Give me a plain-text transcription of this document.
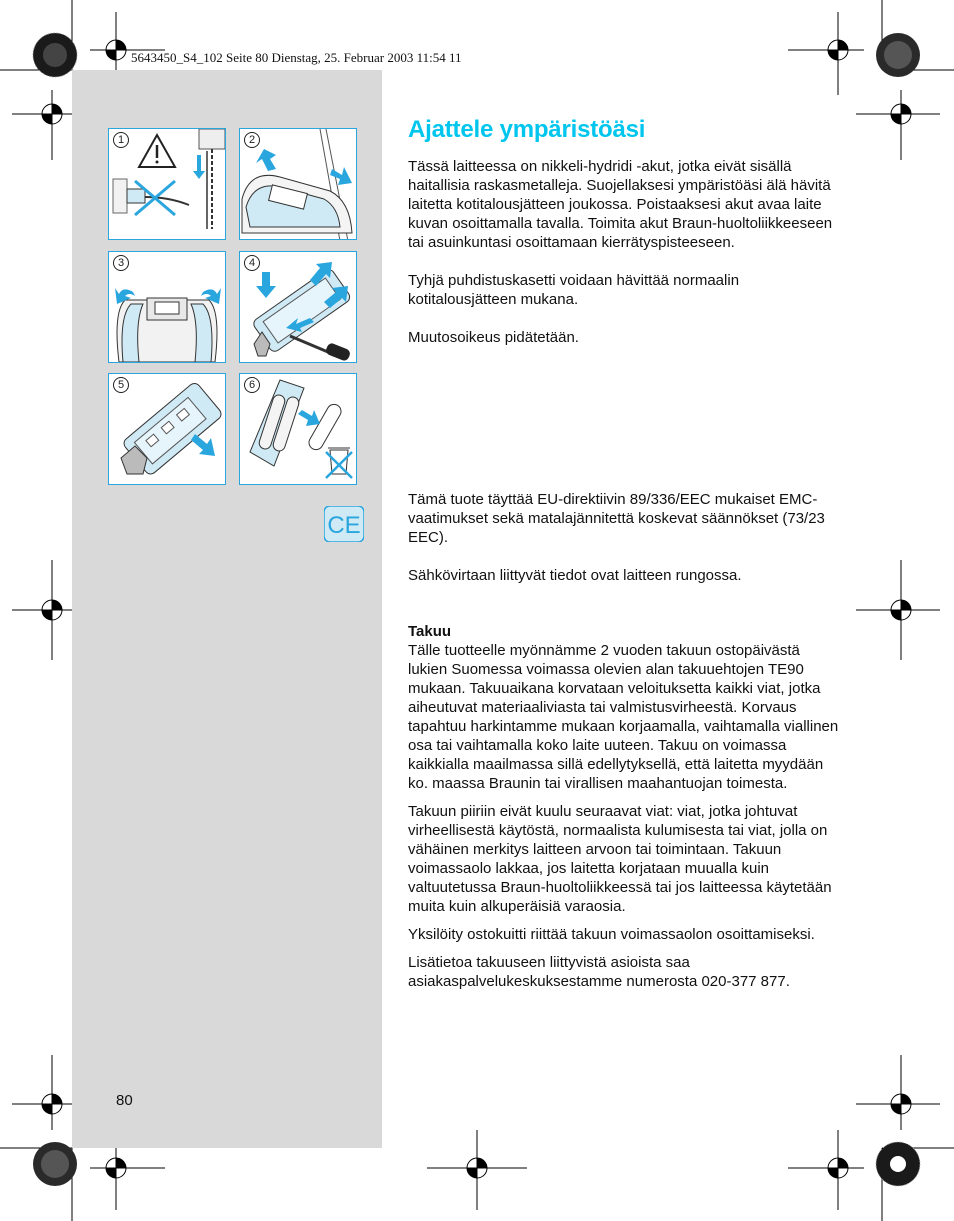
5643450_S4_102 Seite 80 Dienstag, 25. Februar 2003 11:54 11
1	2
3	4
5	6
CE
Ajattele ympäristöäsi

Tässä laitteessa on nikkeli-hydridi -akut, jotka eivät sisällä haitallisia raskasmetalleja. Suojellaksesi ympäristöäsi älä hävitä laitetta kotitalousjätteen joukossa. Poistaaksesi akut avaa laite kuvan osoittamalla tavalla. Toimita akut Braun-huoltoliikkeeseen tai asuinkuntasi osoittamaan kierrätyspisteeseen.

Tyhjä puhdistuskasetti voidaan hävittää normaalin kotitalousjätteen mukana.

Muutosoikeus pidätetään.

Tämä tuote täyttää EU-direktiivin 89/336/EEC mukaiset EMC-vaatimukset sekä matalajännitettä koskevat säännökset (73/23 EEC).

Sähkövirtaan liittyvät tiedot ovat laitteen rungossa.

Takuu

Tälle tuotteelle myönnämme 2 vuoden takuun ostopäivästä lukien Suomessa voimassa olevien alan takuuehtojen TE90 mukaan. Takuuaikana korvataan veloituksetta kaikki viat, jotka aiheutuvat materiaaliviasta tai valmistusvirheestä. Korvaus tapahtuu harkintamme mukaan korjaamalla, vaihtamalla viallinen osa tai vaihtamalla koko laite uuteen. Takuu on voimassa kaikkialla maailmassa sillä edellytyksellä, että laitetta myydään ko. maassa Braunin tai virallisen maahantuojan toimesta.

Takuun piiriin eivät kuulu seuraavat viat: viat, jotka johtuvat virheellisestä käytöstä, normaalista kulumisesta tai viat, jolla on vähäinen merkitys laitteen arvoon tai toimintaan. Takuun voimassaolo lakkaa, jos laitetta korjataan muualla kuin valtuutetussa Braun-huoltoliikkeessä tai jos laitteessa käytetään muita kuin alkuperäisiä varaosia.

Yksilöity ostokuitti riittää takuun voimassaolon osoittamiseksi.

Lisätietoa takuuseen liittyvistä asioista saa asiakaspalvelukeskuksestamme numerosta 020-377 877.

80
